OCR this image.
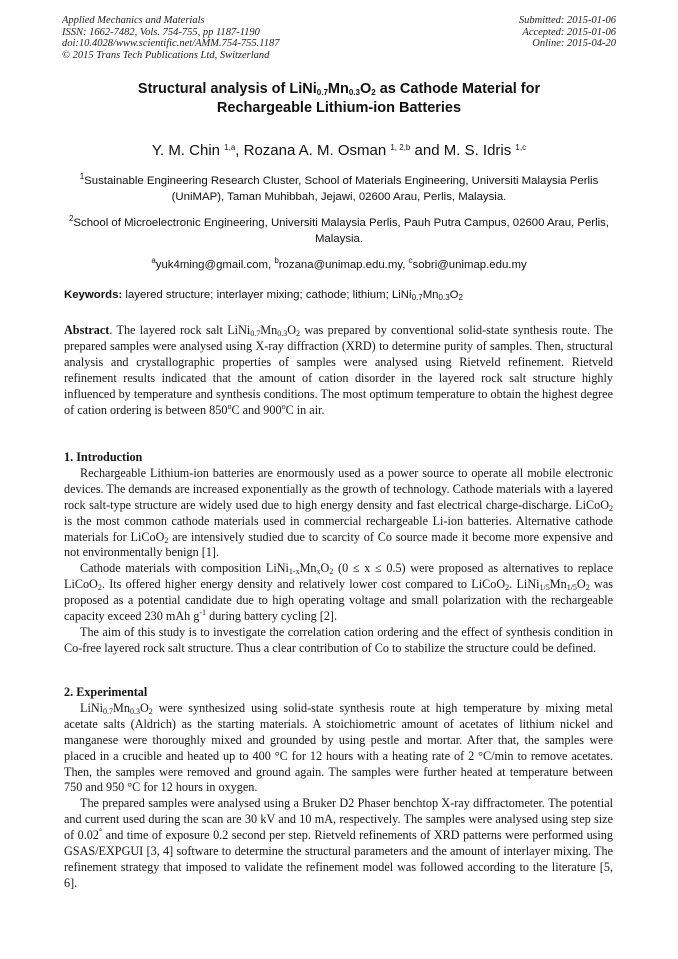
Applied Mechanics and Materials
ISSN: 1662-7482, Vols. 754-755, pp 1187-1190
doi:10.4028/www.scientific.net/AMM.754-755.1187
© 2015 Trans Tech Publications Ltd, Switzerland
Submitted: 2015-01-06
Accepted: 2015-01-06
Online: 2015-04-20
Structural analysis of $LiNi_{0.7}Mn_{0.3}O_2$ as Cathode Material for
Rechargeable Lithium-ion Batteries
Y. M. Chin $^{1,a}$, Rozana A. M. Osman $^{1, 2,b}$ and M. S. Idris $^{1,c}$
$^1$Sustainable Engineering Research Cluster, School of Materials Engineering, Universiti Malaysia Perlis (UniMAP), Taman Muhibbah, Jejawi, 02600 Arau, Perlis, Malaysia.
$^2$School of Microelectronic Engineering, Universiti Malaysia Perlis, Pauh Putra Campus, 02600 Arau, Perlis, Malaysia.
$^a$yuk4ming@gmail.com, $^b$rozana@unimap.edu.my, $^c$sobri@unimap.edu.my
Keywords: layered structure; interlayer mixing; cathode; lithium; $LiNi_{0.7}Mn_{0.3}O_2$

Abstract. The layered rock salt $LiNi_{0.7}Mn_{0.3}O_2$ was prepared by conventional solid-state synthesis route. The prepared samples were analysed using X-ray diffraction (XRD) to determine purity of samples. Then, structural analysis and crystallographic properties of samples were analysed using Rietveld refinement. Rietveld refinement results indicated that the amount of cation disorder in the layered rock salt structure highly influenced by temperature and synthesis conditions. The most optimum temperature to obtain the highest degree of cation ordering is between 850$^o$C and 900$^o$C in air.

1. Introduction

Rechargeable Lithium-ion batteries are enormously used as a power source to operate all mobile electronic devices. The demands are increased exponentially as the growth of technology. Cathode materials with a layered rock salt-type structure are widely used due to high energy density and fast electrical charge-discharge. LiCoO$_2$ is the most common cathode materials used in commercial rechargeable Li-ion batteries. Alternative cathode materials for LiCoO$_2$ are intensively studied due to scarcity of Co source made it become more expensive and not environmentally benign [1].

Cathode materials with composition $LiNi_{1-x}Mn_xO_2$ (0 ≤ x ≤ 0.5) were proposed as alternatives to replace LiCoO$_2$. Its offered higher energy density and relatively lower cost compared to LiCoO$_2$. $LiNi_{1/5}Mn_{1/5}O_2$ was proposed as a potential candidate due to high operating voltage and small polarization with the rechargeable capacity exceed 230 mAh $g^{-1}$ during battery cycling [2].

The aim of this study is to investigate the correlation cation ordering and the effect of synthesis condition in Co-free layered rock salt structure. Thus a clear contribution of Co to stabilize the structure could be defined.

2. Experimental

$LiNi_{0.7}Mn_{0.3}O_2$ were synthesized using solid-state synthesis route at high temperature by mixing metal acetate salts (Aldrich) as the starting materials. A stoichiometric amount of acetates of lithium nickel and manganese were thoroughly mixed and grounded by using pestle and mortar. After that, the samples were placed in a crucible and heated up to 400 °C for 12 hours with a heating rate of 2 °C/min to remove acetates. Then, the samples were removed and ground again. The samples were further heated at temperature between 750 and 950 °C for 12 hours in oxygen.

The prepared samples were analysed using a Bruker D2 Phaser benchtop X-ray diffractometer. The potential and current used during the scan are 30 kV and 10 mA, respectively. The samples were analysed using step size of 0.02° and time of exposure 0.2 second per step. Rietveld refinements of XRD patterns were performed using GSAS/EXPGUI [3, 4] software to determine the structural parameters and the amount of interlayer mixing. The refinement strategy that imposed to validate the refinement model was followed according to the literature [5, 6].
